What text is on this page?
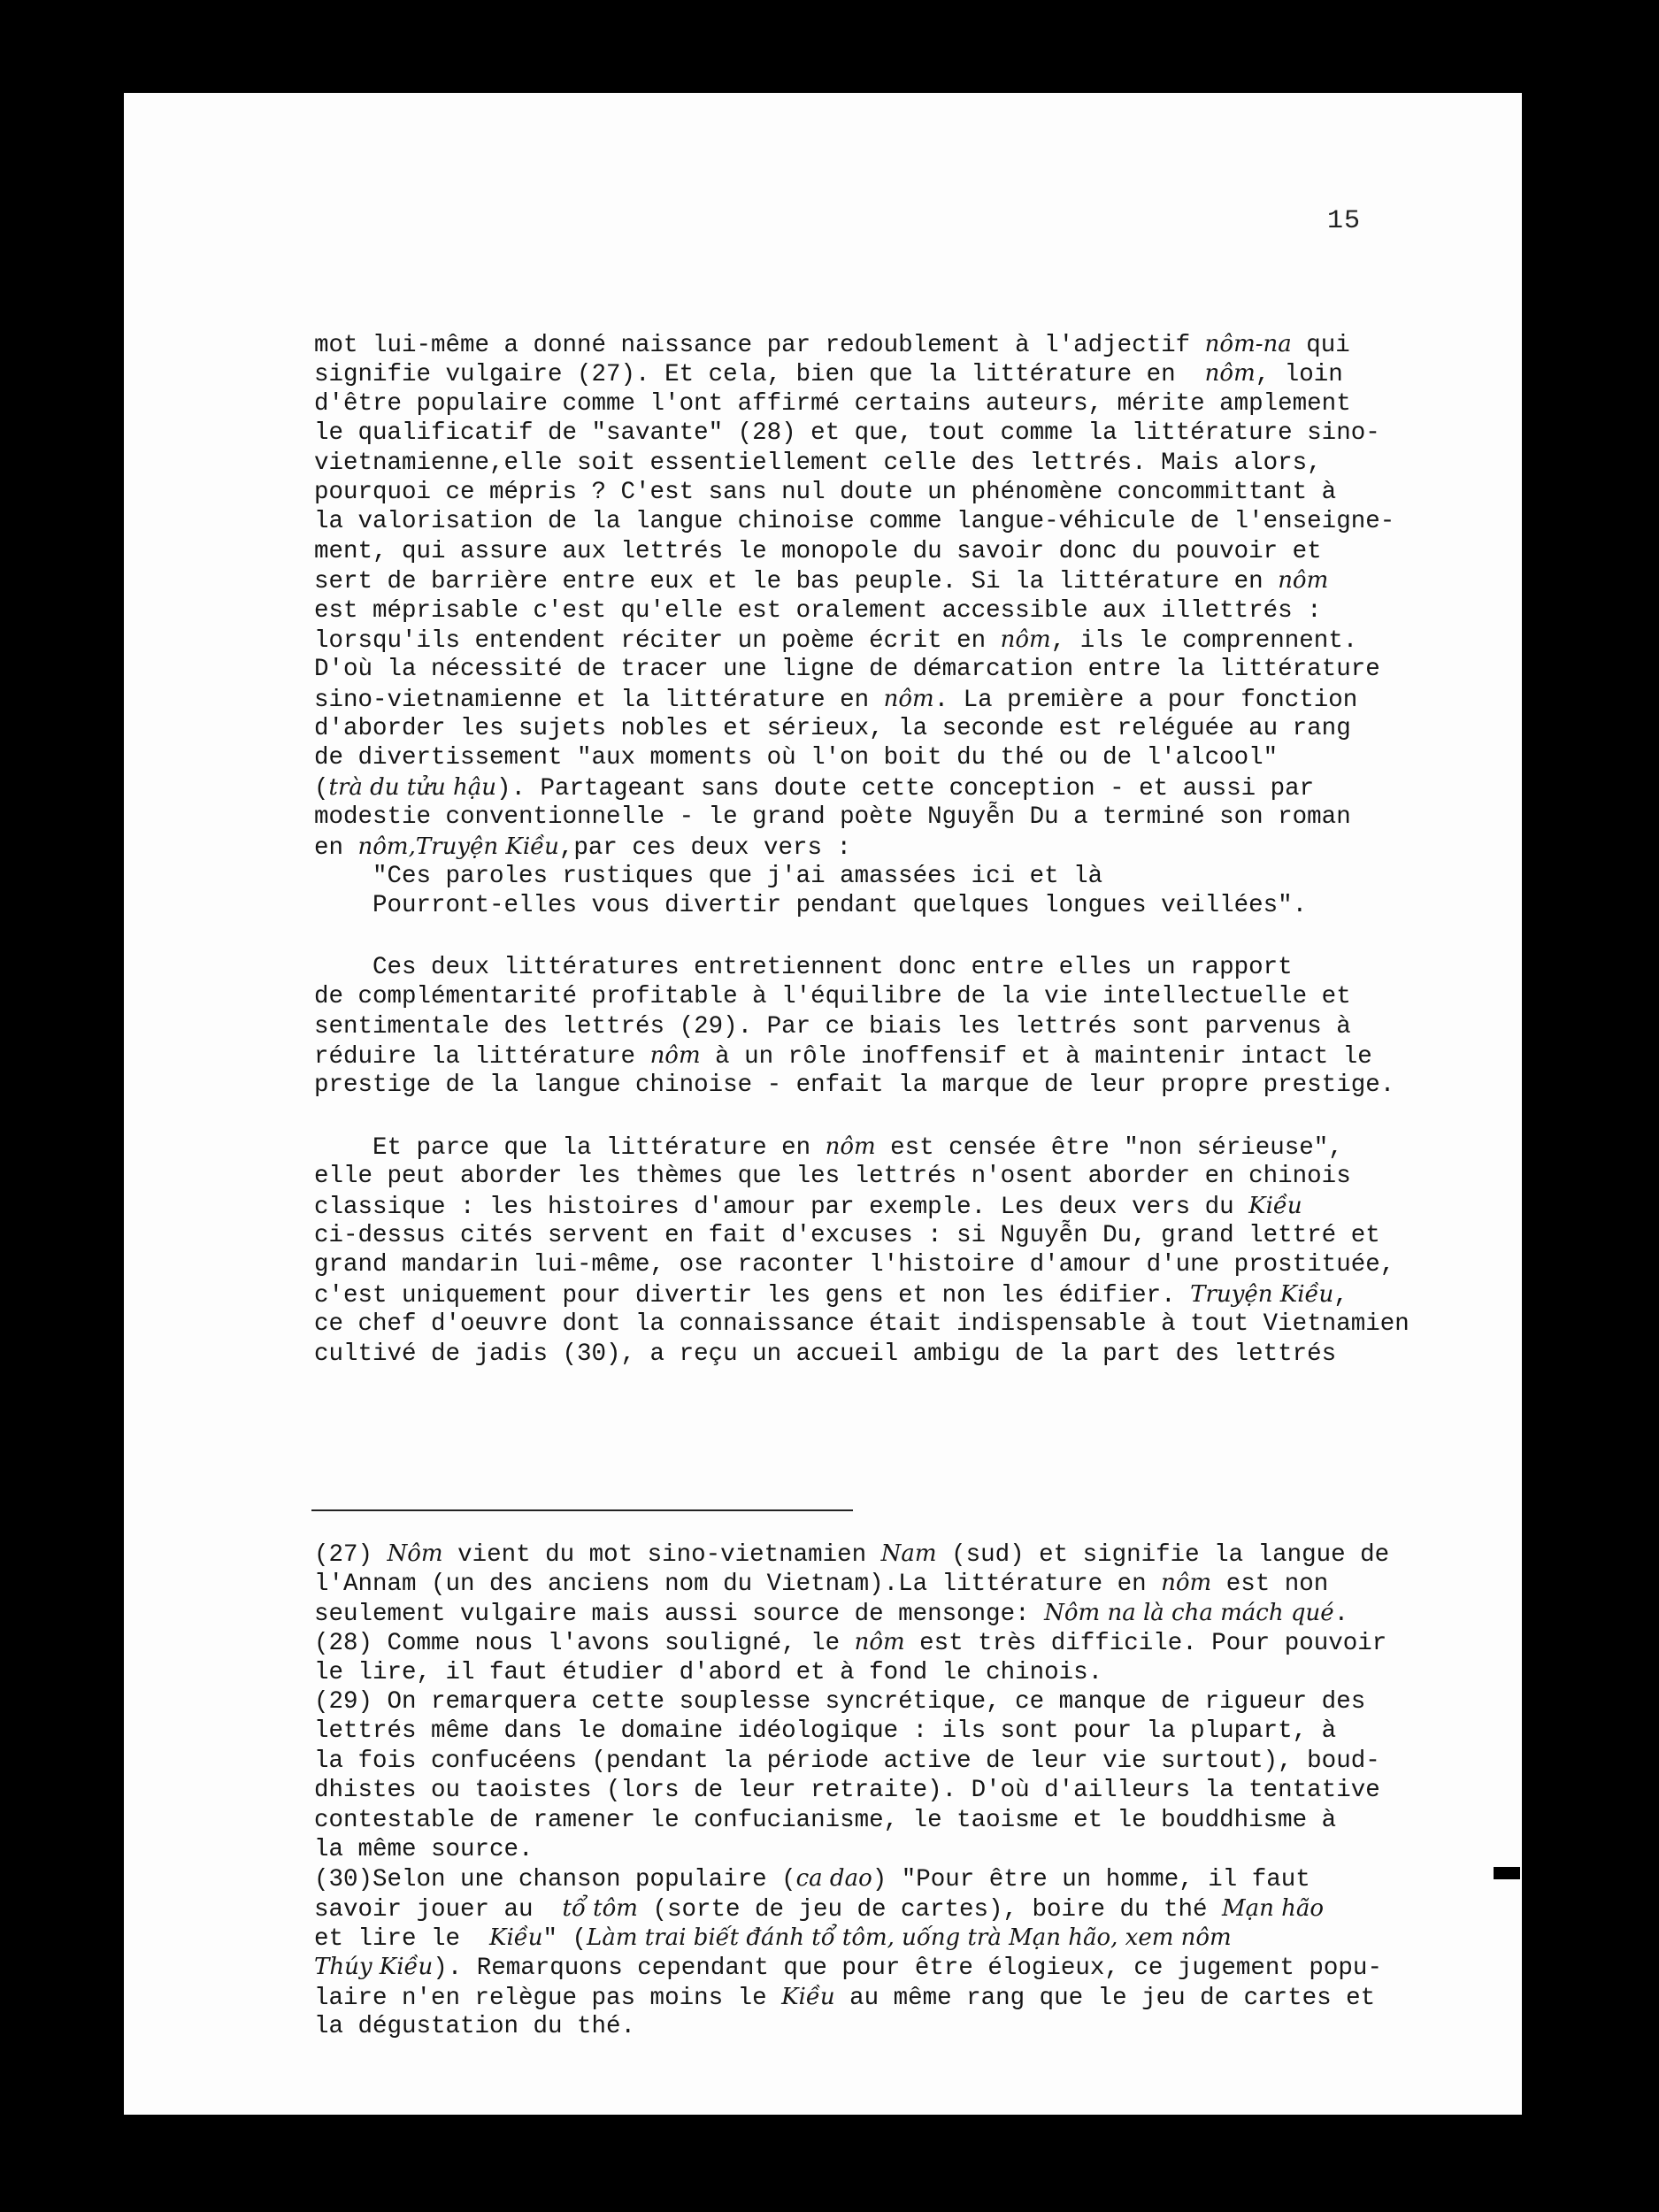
15
mot lui-même a donné naissance par redoublement à l'adjectif nôm-na qui
signifie vulgaire (27). Et cela, bien que la littérature en  nôm, loin
d'être populaire comme l'ont affirmé certains auteurs, mérite amplement
le qualificatif de "savante" (28) et que, tout comme la littérature sino-
vietnamienne,elle soit essentiellement celle des lettrés. Mais alors,
pourquoi ce mépris ? C'est sans nul doute un phénomène concommittant à
la valorisation de la langue chinoise comme langue-véhicule de l'enseigne-
ment, qui assure aux lettrés le monopole du savoir donc du pouvoir et
sert de barrière entre eux et le bas peuple. Si la littérature en nôm
est méprisable c'est qu'elle est oralement accessible aux illettrés :
lorsqu'ils entendent réciter un poème écrit en nôm, ils le comprennent.
D'où la nécessité de tracer une ligne de démarcation entre la littérature
sino-vietnamienne et la littérature en nôm. La première a pour fonction
d'aborder les sujets nobles et sérieux, la seconde est reléguée au rang
de divertissement "aux moments où l'on boit du thé ou de l'alcool"
(trà du tửu hậu). Partageant sans doute cette conception - et aussi par
modestie conventionnelle - le grand poète Nguyễn Du a terminé son roman
en nôm,Truyện Kiều,par ces deux vers :
"Ces paroles rustiques que j'ai amassées ici et là
Pourront-elles vous divertir pendant quelques longues veillées".
Ces deux littératures entretiennent donc entre elles un rapport
de complémentarité profitable à l'équilibre de la vie intellectuelle et
sentimentale des lettrés (29). Par ce biais les lettrés sont parvenus à
réduire la littérature nôm à un rôle inoffensif et à maintenir intact le
prestige de la langue chinoise - enfait la marque de leur propre prestige.
Et parce que la littérature en nôm est censée être "non sérieuse",
elle peut aborder les thèmes que les lettrés n'osent aborder en chinois
classique : les histoires d'amour par exemple. Les deux vers du Kiều
ci-dessus cités servent en fait d'excuses : si Nguyễn Du, grand lettré et
grand mandarin lui-même, ose raconter l'histoire d'amour d'une prostituée,
c'est uniquement pour divertir les gens et non les édifier. Truyện Kiều,
ce chef d'oeuvre dont la connaissance était indispensable à tout Vietnamien
cultivé de jadis (30), a reçu un accueil ambigu de la part des lettrés
(27) Nôm vient du mot sino-vietnamien Nam (sud) et signifie la langue de
l'Annam (un des anciens nom du Vietnam).La littérature en nôm est non
seulement vulgaire mais aussi source de mensonge: Nôm na là cha mách qué.
(28) Comme nous l'avons souligné, le nôm est très difficile. Pour pouvoir
le lire, il faut étudier d'abord et à fond le chinois.
(29) On remarquera cette souplesse syncrétique, ce manque de rigueur des
lettrés même dans le domaine idéologique : ils sont pour la plupart, à
la fois confucéens (pendant la période active de leur vie surtout), boud-
dhistes ou taoistes (lors de leur retraite). D'où d'ailleurs la tentative
contestable de ramener le confucianisme, le taoisme et le bouddhisme à
la même source.
(30)Selon une chanson populaire (ca dao) "Pour être un homme, il faut
savoir jouer au  tổ tôm (sorte de jeu de cartes), boire du thé Mạn hão
et lire le  Kiều" (Làm trai biết đánh tổ tôm, uống trà Mạn hão, xem nôm
Thúy Kiều). Remarquons cependant que pour être élogieux, ce jugement popu-
laire n'en relègue pas moins le Kiều au même rang que le jeu de cartes et
la dégustation du thé.
